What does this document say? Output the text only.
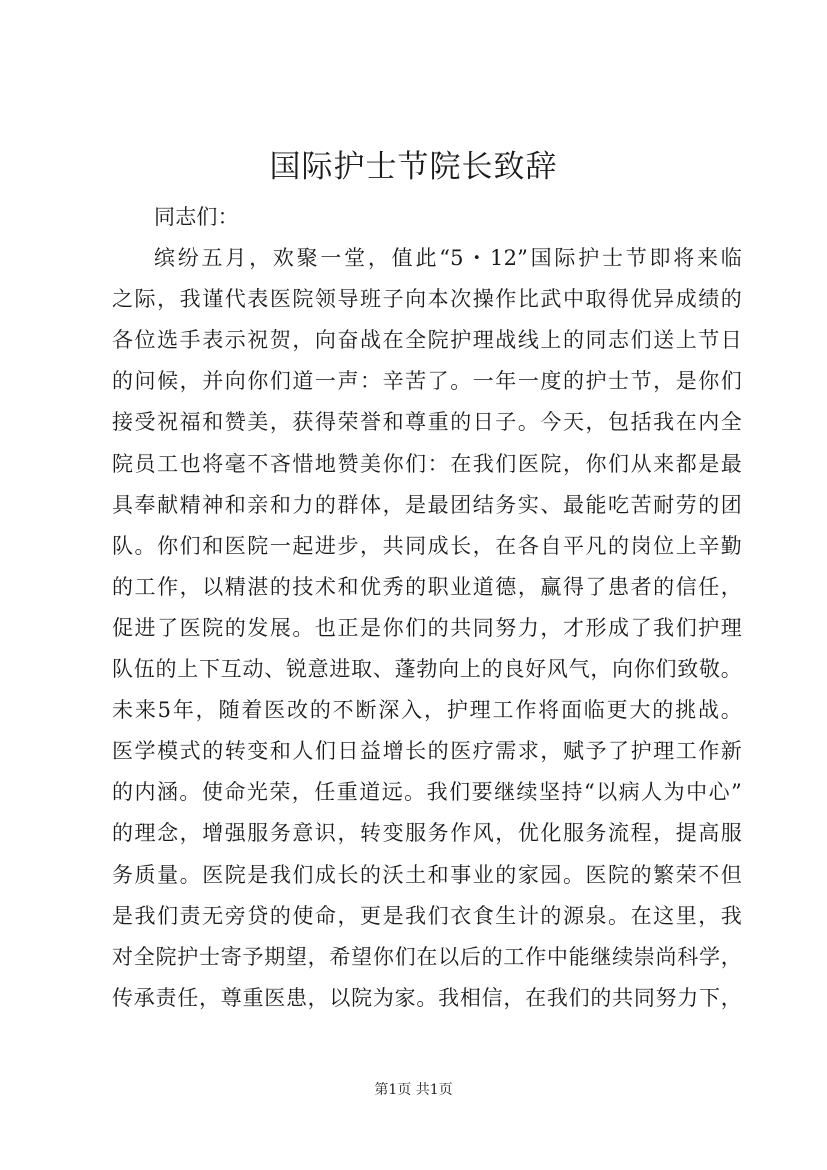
国际护士节院长致辞
同志们：
缤纷五月，欢聚一堂，值此“5・12”国际护士节即将来临
之际，我谨代表医院领导班子向本次操作比武中取得优异成绩的
各位选手表示祝贺，向奋战在全院护理战线上的同志们送上节日
的问候，并向你们道一声：辛苦了。一年一度的护士节，是你们
接受祝福和赞美，获得荣誉和尊重的日子。今天，包括我在内全
院员工也将毫不吝惜地赞美你们：在我们医院，你们从来都是最
具奉献精神和亲和力的群体，是最团结务实、最能吃苦耐劳的团
队。你们和医院一起进步，共同成长，在各自平凡的岗位上辛勤
的工作，以精湛的技术和优秀的职业道德，赢得了患者的信任，
促进了医院的发展。也正是你们的共同努力，才形成了我们护理
队伍的上下互动、锐意进取、蓬勃向上的良好风气，向你们致敬。
未来5年，随着医改的不断深入，护理工作将面临更大的挑战。
医学模式的转变和人们日益增长的医疗需求，赋予了护理工作新
的内涵。使命光荣，任重道远。我们要继续坚持“以病人为中心”
的理念，增强服务意识，转变服务作风，优化服务流程，提高服
务质量。医院是我们成长的沃土和事业的家园。医院的繁荣不但
是我们责无旁贷的使命，更是我们衣食生计的源泉。在这里，我
对全院护士寄予期望，希望你们在以后的工作中能继续崇尚科学，
传承责任，尊重医患，以院为家。我相信，在我们的共同努力下，
第1页 共1页
